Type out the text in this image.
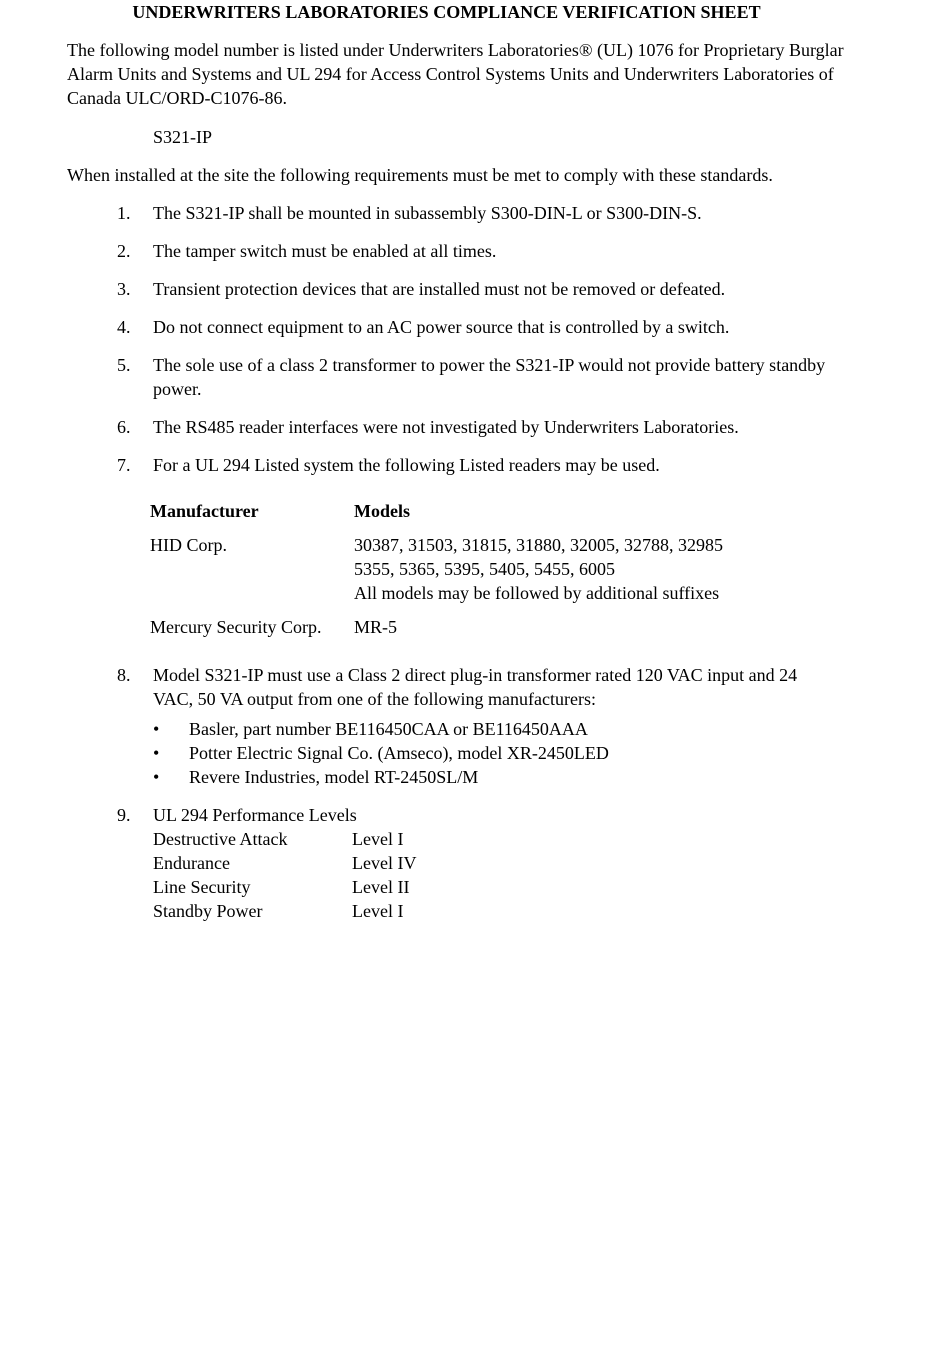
UNDERWRITERS LABORATORIES COMPLIANCE VERIFICATION SHEET
The following model number is listed under Underwriters Laboratories® (UL) 1076 for Proprietary Burglar Alarm Units and Systems and UL 294 for Access Control Systems Units and Underwriters Laboratories of Canada ULC/ORD-C1076-86.
S321-IP
When installed at the site the following requirements must be met to comply with these standards.
1. The S321-IP shall be mounted in subassembly S300-DIN-L or S300-DIN-S.
2. The tamper switch must be enabled at all times.
3. Transient protection devices that are installed must not be removed or defeated.
4. Do not connect equipment to an AC power source that is controlled by a switch.
5. The sole use of a class 2 transformer to power the S321-IP would not provide battery standby power.
6. The RS485 reader interfaces were not investigated by Underwriters Laboratories.
7. For a UL 294 Listed system the following Listed readers may be used.
Manufacturer	Models
HID Corp.	30387, 31503, 31815, 31880, 32005, 32788, 32985
5355, 5365, 5395, 5405, 5455, 6005
All models may be followed by additional suffixes

Mercury Security Corp.	MR-5
8. Model S321-IP must use a Class 2 direct plug-in transformer rated 120 VAC input and 24 VAC, 50 VA output from one of the following manufacturers:
• Basler, part number BE116450CAA or BE116450AAA
• Potter Electric Signal Co. (Amseco), model XR-2450LED
• Revere Industries, model RT-2450SL/M
9. UL 294 Performance Levels
Destructive Attack	Level I
Endurance	Level IV
Line Security	Level II
Standby Power	Level I
